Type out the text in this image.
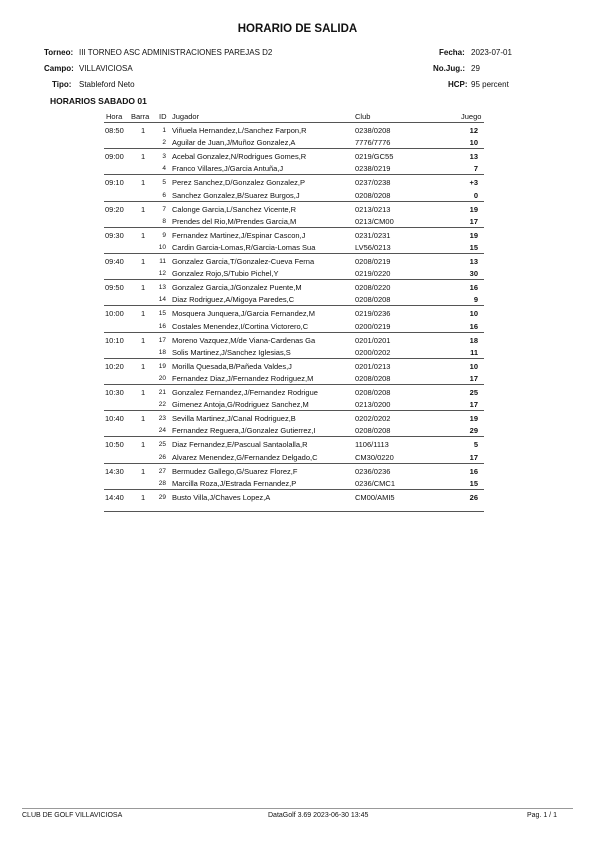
HORARIO DE SALIDA
Torneo: III TORNEO ASC ADMINISTRACIONES PAREJAS D2
Campo: VILLAVICIOSA
Tipo: Stableford Neto
Fecha: 2023-07-01
No.Jug.: 29
HCP: 95 percent
HORARIOS SABADO 01
Hora Barra ID Jugador	Club	Juego
08:50 1	1 Viñuela Hernandez,L/Sanchez Farpon,R	0238/0208	12
2 Aguilar de Juan,J/Muñoz Gonzalez,A	7776/7776	10
09:00 1	3 Acebal Gonzalez,N/Rodrigues Gomes,R	0219/GC55	13
4 Franco Villares,J/Garcia Antuña,J	0238/0219	7
09:10 1	5 Perez Sanchez,D/Gonzalez Gonzalez,P	0237/0238	+3
6 Sanchez Gonzalez,B/Suarez Burgos,J	0208/0208	0
09:20 1	7 Calonge Garcia,L/Sanchez Vicente,R	0213/0213	19
8 Prendes del Rio,M/Prendes Garcia,M	0213/CM00	17
09:30 1	9 Fernandez Martinez,J/Espinar Cascon,J	0231/0231	19
10 Cardin Garcia-Lomas,R/Garcia-Lomas Sua	LV56/0213	15
09:40 1	11 Gonzalez Garcia,T/Gonzalez-Cueva Ferna	0208/0219	13
12 Gonzalez Rojo,S/Tubio Pichel,Y	0219/0220	30
09:50 1	13 Gonzalez Garcia,J/Gonzalez Puente,M	0208/0220	16
14 Diaz Rodriguez,A/Migoya Paredes,C	0208/0208	9
10:00 1	15 Mosquera Junquera,J/Garcia Fernandez,M	0219/0236	10
16 Costales Menendez,I/Cortina Victorero,C	0200/0219	16
10:10 1	17 Moreno Vazquez,M/de Viana-Cardenas Ga	0201/0201	18
18 Solis Martinez,J/Sanchez Iglesias,S	0200/0202	11
10:20 1	19 Morilla Quesada,B/Pañeda Valdes,J	0201/0213	10
20 Fernandez Diaz,J/Fernandez Rodriguez,M	0208/0208	17
10:30 1	21 Gonzalez Fernandez,J/Fernandez Rodrigue	0208/0208	25
22 Gimenez Antoja,G/Rodriguez Sanchez,M	0213/0200	17
10:40 1	23 Sevilla Martinez,J/Canal Rodriguez,B	0202/0202	19
24 Fernandez Reguera,J/Gonzalez Gutierrez,I	0208/0208	29
10:50 1	25 Diaz Fernandez,E/Pascual Santaolalla,R	1106/1113	5
26 Alvarez Menendez,G/Fernandez Delgado,C	CM30/0220	17
14:30 1	27 Bermudez Gallego,G/Suarez Florez,F	0236/0236	16
28 Marcilla Roza,J/Estrada Fernandez,P	0236/CMC1	15
14:40 1	29 Busto Villa,J/Chaves Lopez,A	CM00/AMI5	26
CLUB DE GOLF VILLAVICIOSA	DataGolf 3.69 2023-06-30 13:45	Pag. 1 / 1
